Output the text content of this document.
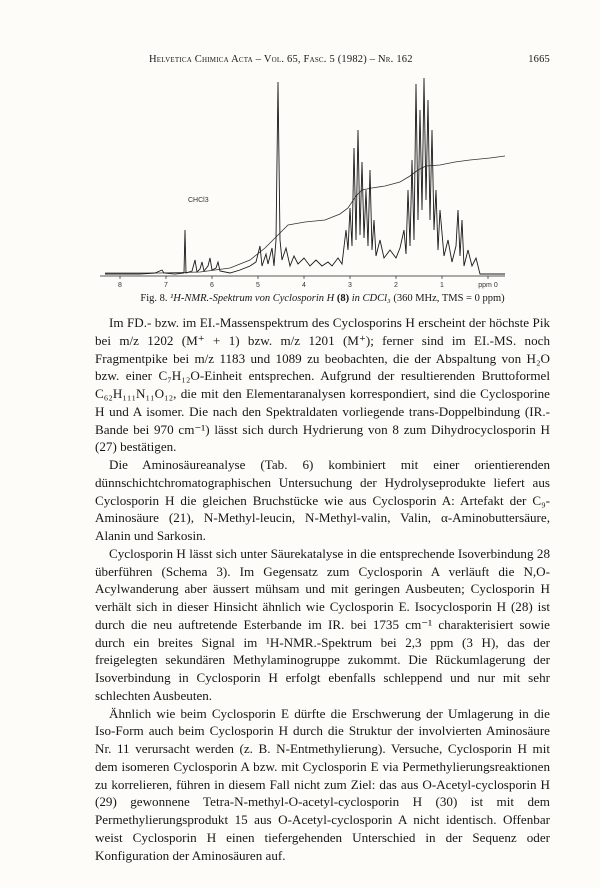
Helvetica Chimica Acta – Vol. 65, Fasc. 5 (1982) – Nr. 162	1665
8	7	6	5	4	3	2	1	ppm 0
CHCl3
Fig. 8. ¹H-NMR.-Spektrum von Cyclosporin H (8) in CDCl₃ (360 MHz, TMS = 0 ppm)

Im FD.- bzw. im EI.-Massenspektrum des Cyclosporins H erscheint der höchste Pik bei m/z 1202 (M⁺ + 1) bzw. m/z 1201 (M⁺); ferner sind im EI.-MS. noch Fragmentpike bei m/z 1183 und 1089 zu beobachten, die der Abspaltung von H₂O bzw. einer C₇H₁₂O-Einheit entsprechen. Aufgrund der resultierenden Bruttoformel C₆₂H₁₁₁N₁₁O₁₂, die mit den Elementaranalysen korrespondiert, sind die Cyclosporine H und A isomer. Die nach den Spektraldaten vorliegende trans-Doppelbindung (IR.-Bande bei 970 cm⁻¹) lässt sich durch Hydrierung von 8 zum Dihydrocyclosporin H (27) bestätigen.

Die Aminosäureanalyse (Tab. 6) kombiniert mit einer orientierenden dünnschichtchromatographischen Untersuchung der Hydrolyseprodukte liefert aus Cyclosporin H die gleichen Bruchstücke wie aus Cyclosporin A: Artefakt der C₉-Aminosäure (21), N-Methyl-leucin, N-Methyl-valin, Valin, α-Aminobuttersäure, Alanin und Sarkosin.

Cyclosporin H lässt sich unter Säurekatalyse in die entsprechende Isoverbindung 28 überführen (Schema 3). Im Gegensatz zum Cyclosporin A verläuft die N,O-Acylwanderung aber äussert mühsam und mit geringen Ausbeuten; Cyclosporin H verhält sich in dieser Hinsicht ähnlich wie Cyclosporin E. Isocyclosporin H (28) ist durch die neu auftretende Esterbande im IR. bei 1735 cm⁻¹ charakterisiert sowie durch ein breites Signal im ¹H-NMR.-Spektrum bei 2,3 ppm (3 H), das der freigelegten sekundären Methylaminogruppe zukommt. Die Rückumlagerung der Isoverbindung in Cyclosporin H erfolgt ebenfalls schleppend und nur mit sehr schlechten Ausbeuten.

Ähnlich wie beim Cyclosporin E dürfte die Erschwerung der Umlagerung in die Iso-Form auch beim Cyclosporin H durch die Struktur der involvierten Aminosäure Nr. 11 verursacht werden (z. B. N-Entmethylierung). Versuche, Cyclosporin H mit dem isomeren Cyclosporin A bzw. mit Cyclosporin E via Permethylierungsreaktionen zu korrelieren, führen in diesem Fall nicht zum Ziel: das aus O-Acetyl-cyclosporin H (29) gewonnene Tetra-N-methyl-O-acetyl-cyclosporin H (30) ist mit dem Permethylierungsprodukt 15 aus O-Acetyl-cyclosporin A nicht identisch. Offenbar weist Cyclosporin H einen tiefergehenden Unterschied in der Sequenz oder Konfiguration der Aminosäuren auf.
